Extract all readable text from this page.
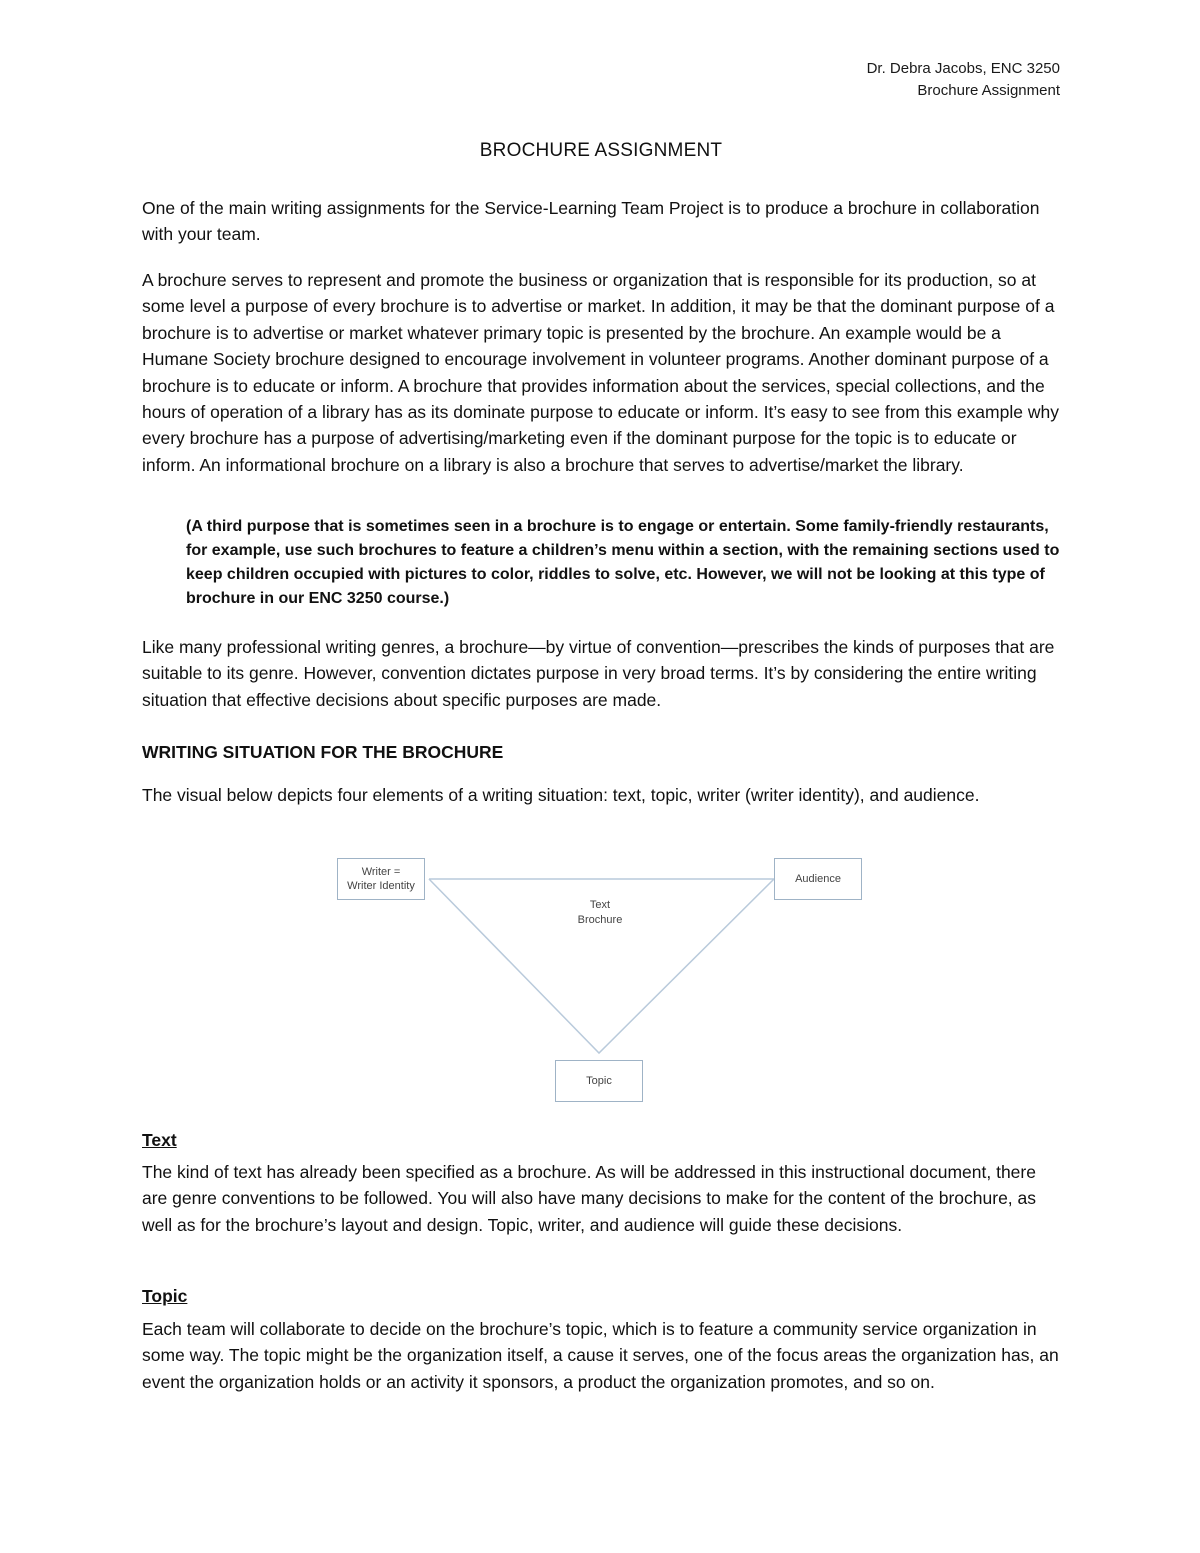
Dr. Debra Jacobs, ENC 3250
Brochure Assignment
BROCHURE ASSIGNMENT

One of the main writing assignments for the Service-Learning Team Project is to produce a brochure in collaboration with your team.

A brochure serves to represent and promote the business or organization that is responsible for its production, so at some level a purpose of every brochure is to advertise or market. In addition, it may be that the dominant purpose of a brochure is to advertise or market whatever primary topic is presented by the brochure. An example would be a Humane Society brochure designed to encourage involvement in volunteer programs. Another dominant purpose of a brochure is to educate or inform. A brochure that provides information about the services, special collections, and the hours of operation of a library has as its dominate purpose to educate or inform. It’s easy to see from this example why every brochure has a purpose of advertising/marketing even if the dominant purpose for the topic is to educate or inform. An informational brochure on a library is also a brochure that serves to advertise/market the library.

(A third purpose that is sometimes seen in a brochure is to engage or entertain. Some family-friendly restaurants, for example, use such brochures to feature a children’s menu within a section, with the remaining sections used to keep children occupied with pictures to color, riddles to solve, etc. However, we will not be looking at this type of brochure in our ENC 3250 course.)

Like many professional writing genres, a brochure—by virtue of convention—prescribes the kinds of purposes that are suitable to its genre. However, convention dictates purpose in very broad terms. It’s by considering the entire writing situation that effective decisions about specific purposes are made.

WRITING SITUATION FOR THE BROCHURE

The visual below depicts four elements of a writing situation: text, topic, writer (writer identity), and audience.

Writer =
Writer Identity
Audience
Topic
Text
Brochure
Text

The kind of text has already been specified as a brochure. As will be addressed in this instructional document, there are genre conventions to be followed. You will also have many decisions to make for the content of the brochure, as well as for the brochure’s layout and design. Topic, writer, and audience will guide these decisions.

Topic

Each team will collaborate to decide on the brochure’s topic, which is to feature a community service organization in some way. The topic might be the organization itself, a cause it serves, one of the focus areas the organization has, an event the organization holds or an activity it sponsors, a product the organization promotes, and so on.
